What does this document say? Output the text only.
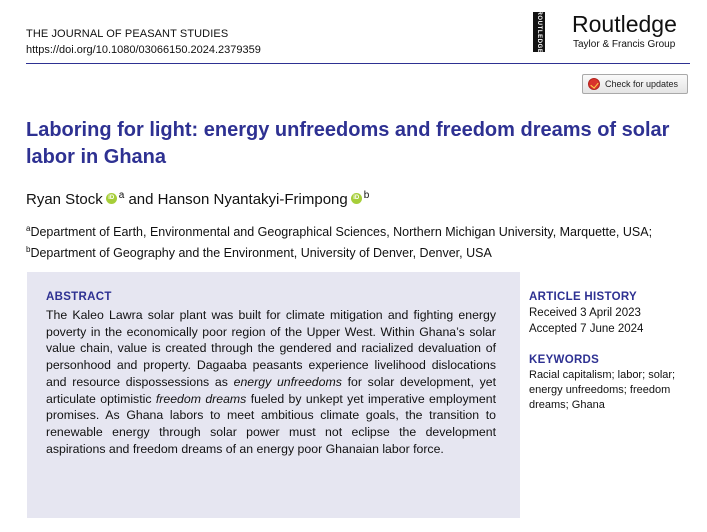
THE JOURNAL OF PEASANT STUDIES
https://doi.org/10.1080/03066150.2024.2379359	ROUTLEDGE Routledge
Taylor & Francis Group
Check for updates
Laboring for light: energy unfreedoms and freedom dreams of solar labor in Ghana
Ryan Stock iD $^a$ and Hanson Nyantakyi-Frimpong iD $^b$
$^a$Department of Earth, Environmental and Geographical Sciences, Northern Michigan University, Marquette, USA; $^b$Department of Geography and the Environment, University of Denver, Denver, USA
ABSTRACT
The Kaleo Lawra solar plant was built for climate mitigation and fighting energy poverty in the economically poor region of the Upper West. Within Ghana’s solar value chain, value is created through the gendered and racialized devaluation of personhood and property. Dagaaba peasants experience livelihood dislocations and resource dispossessions as energy unfreedoms for solar development, yet articulate optimistic freedom dreams fueled by unkept yet imperative employment promises. As Ghana labors to meet ambitious climate goals, the transition to renewable energy through solar power must not eclipse the development aspirations and freedom dreams of an energy poor Ghanaian labor force.
ARTICLE HISTORY
Received 3 April 2023
Accepted 7 June 2024
KEYWORDS
Racial capitalism; labor; solar; energy unfreedoms; freedom dreams; Ghana
